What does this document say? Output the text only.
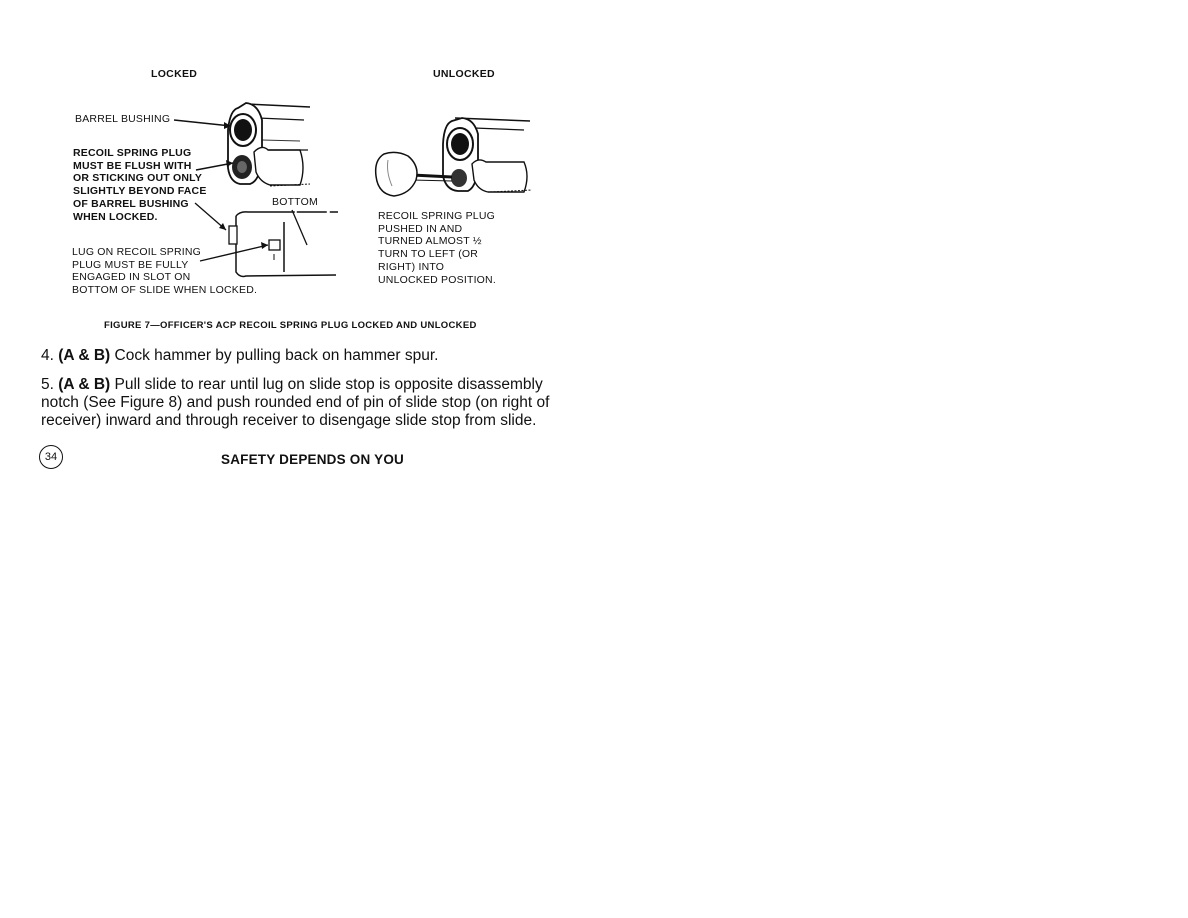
LOCKED	UNLOCKED
BARREL BUSHING
RECOIL SPRING PLUG
MUST BE FLUSH WITH
OR STICKING OUT ONLY
SLIGHTLY BEYOND FACE
OF BARREL BUSHING
WHEN LOCKED.
BOTTOM
LUG ON RECOIL SPRING
PLUG MUST BE FULLY
ENGAGED IN SLOT ON
BOTTOM OF SLIDE WHEN LOCKED.
RECOIL SPRING PLUG
PUSHED IN AND
TURNED ALMOST ½
TURN TO LEFT (OR
RIGHT) INTO
UNLOCKED POSITION.
FIGURE 7—OFFICER'S ACP RECOIL SPRING PLUG LOCKED AND UNLOCKED
4. (A & B) Cock hammer by pulling back on hammer spur.
5. (A & B) Pull slide to rear until lug on slide stop is opposite disassembly notch (See Figure 8) and push rounded end of pin of slide stop (on right of receiver) inward and through receiver to disengage slide stop from slide.
34	SAFETY DEPENDS ON YOU
